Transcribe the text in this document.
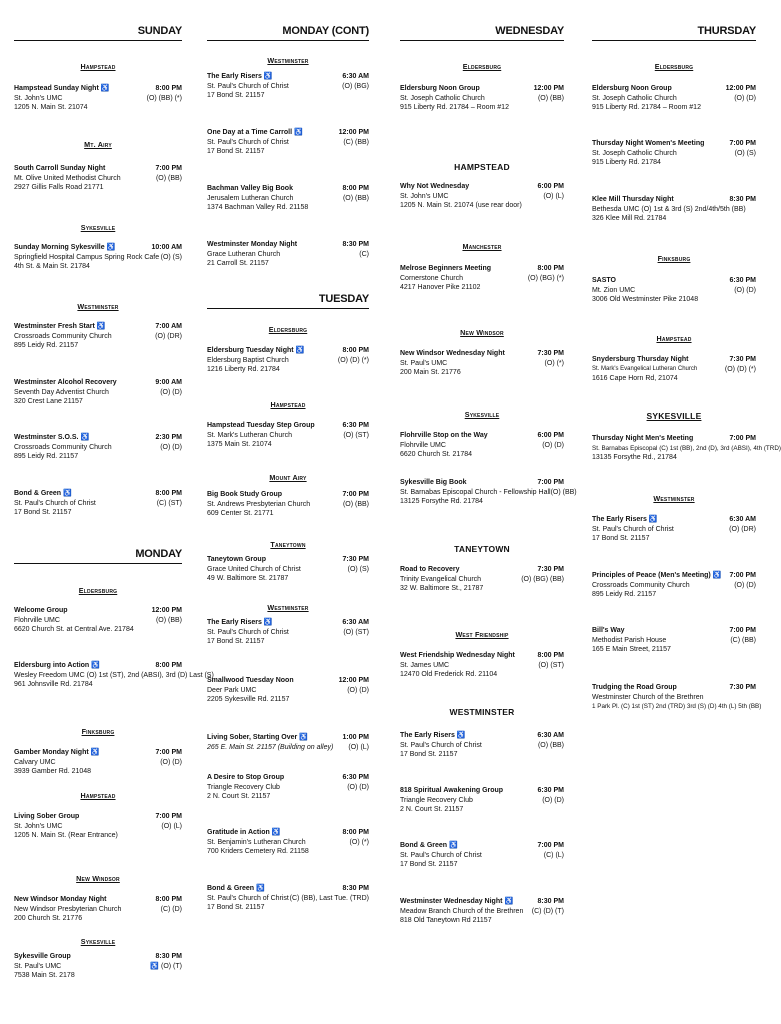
SUNDAY
Hampstead
Hampstead Sunday Night ♿	8:00 PM
St. John's UMC	(O) (BB) (*)
1205 N. Main St. 21074
Mt. Airy
South Carroll Sunday Night	7:00 PM
Mt. Olive United Methodist Church	(O) (BB)
2927 Gillis Falls Road 21771
Sykesville
Sunday Morning Sykesville ♿	10:00 AM
Springfield Hospital Campus Spring Rock Cafe (O) (S)
4th St. & Main St. 21784
Westminster
Westminster Fresh Start ♿	7:00 AM
Crossroads Community Church	(O) (DR)
895 Leidy Rd. 21157
Westminster Alcohol Recovery	9:00 AM
Seventh Day Adventist Church	(O) (D)
320 Crest Lane 21157
Westminster S.O.S. ♿	2:30 PM
Crossroads Community Church	(O) (D)
895 Leidy Rd. 21157
Bond & Green ♿	8:00 PM
St. Paul's Church of Christ	(C) (ST)
17 Bond St. 21157
MONDAY
Eldersburg
Welcome Group	12:00 PM
Flohrville UMC	(O) (BB)
6620 Church St. at Central Ave. 21784
Eldersburg into Action ♿	8:00 PM
Wesley Freedom UMC (O) 1st (ST), 2nd (ABSI), 3rd (D) Last (S)
961 Johnsville Rd. 21784
Finksburg
Gamber Monday Night ♿	7:00 PM
Calvary UMC	(O) (D)
3939 Gamber Rd. 21048
Hampstead
Living Sober Group	7:00 PM
St. John's UMC	(O) (L)
1205 N. Main St. (Rear Entrance)
New Windsor
New Windsor Monday Night	8:00 PM
New Windsor Presbyterian Church	(C) (D)
200 Church St. 21776
Sykesville
Sykesville Group	8:30 PM
St. Paul's UMC	♿ (O) (T)
7538 Main St. 2178
MONDAY (CONT)
Westminster
The Early Risers ♿	6:30 AM
St. Paul's Church of Christ	(O) (BG)
17 Bond St. 21157
One Day at a Time Carroll ♿	12:00 PM
St. Paul's Church of Christ	(C) (BB)
17 Bond St. 21157
Bachman Valley Big Book	8:00 PM
Jerusalem Lutheran Church	(O) (BB)
1374 Bachman Valley Rd. 21158
Westminster Monday Night	8:30 PM
Grace Lutheran Church	(C)
21 Carroll St. 21157
TUESDAY
Eldersburg
Eldersburg Tuesday Night ♿	8:00 PM
Eldersburg Baptist Church	(O) (D) (*)
1216 Liberty Rd. 21784
Hampstead
Hampstead Tuesday Step Group	6:30 PM
St. Mark's Lutheran Church	(O) (ST)
1375 Main St. 21074
Mount Airy
Big Book Study Group	7:00 PM
St. Andrews Presbyterian Church	(O) (BB)
609 Center St. 21771
Taneytown
Taneytown Group	7:30 PM
Grace United Church of Christ	(O) (S)
49 W. Baltimore St. 21787
Westminster
The Early Risers ♿	6:30 AM
St. Paul's Church of Christ	(O) (ST)
17 Bond St. 21157
Smallwood Tuesday Noon	12:00 PM
Deer Park UMC	(O) (D)
2205 Sykesville Rd. 21157
Living Sober, Starting Over ♿	1:00 PM
265 E. Main St. 21157 (Building on alley) (O) (L)
A Desire to Stop Group	6:30 PM
Triangle Recovery Club	(O) (D)
2 N. Court St. 21157
Gratitude in Action ♿	8:00 PM
St. Benjamin's Lutheran Church	(O) (*)
700 Kriders Cemetery Rd. 21158
Bond & Green ♿	8:30 PM
St. Paul's Church of Christ (C) (BB), Last Tue. (TRD)
17 Bond St. 21157
WEDNESDAY
Eldersburg
Eldersburg Noon Group	12:00 PM
St. Joseph Catholic Church	(O) (BB)
915 Liberty Rd. 21784 – Room #12
HAMPSTEAD
Why Not Wednesday	6:00 PM
St. John's UMC	(O) (L)
1205 N. Main St. 21074 (use rear door)
Manchester
Melrose Beginners Meeting	8:00 PM
Cornerstone Church	(O) (BG) (*)
4217 Hanover Pike 21102
New Windsor
New Windsor Wednesday Night	7:30 PM
St. Paul's UMC	(O) (*)
200 Main St. 21776
Sykesville
Flohrville Stop on the Way	6:00 PM
Flohrville UMC	(O) (D)
6620 Church St. 21784
Sykesville Big Book	7:00 PM
St. Barnabas Episcopal Church - Fellowship Hall (O) (BB)
13125 Forsythe Rd. 21784
TANEYTOWN
Road to Recovery	7:30 PM
Trinity Evangelical Church	(O) (BG) (BB)
32 W. Baltimore St., 21787
West Friendship
West Friendship Wednesday Night	8:00 PM
St. James UMC	(O) (ST)
12470 Old Frederick Rd. 21104
WESTMINSTER
The Early Risers ♿	6:30 AM
St. Paul's Church of Christ	(O) (BB)
17 Bond St. 21157
818 Spiritual Awakening Group	6:30 PM
Triangle Recovery Club	(O) (D)
2 N. Court St. 21157
Bond & Green ♿	7:00 PM
St. Paul's Church of Christ	(C) (L)
17 Bond St. 21157
Westminster Wednesday Night ♿	8:30 PM
Meadow Branch Church of the Brethren (C) (D) (T)
818 Old Taneytown Rd 21157
THURSDAY
Eldersburg
Eldersburg Noon Group	12:00 PM
St. Joseph Catholic Church	(O) (D)
915 Liberty Rd. 21784 – Room #12
Thursday Night Women's Meeting	7:00 PM
St. Joseph Catholic Church	(O) (S)
915 Liberty Rd. 21784
Klee Mill Thursday Night	8:30 PM
Bethesda UMC (O) 1st & 3rd (S) 2nd/4th/5th (BB)
326 Klee Mill Rd. 21784
Finksburg
SASTO	6:30 PM
Mt. Zion UMC	(O) (D)
3006 Old Westminster Pike 21048
Hampstead
Snydersburg Thursday Night	7:30 PM
St. Mark's Evangelical Lutheran Church	(O) (D) (*)
1616 Cape Horn Rd, 21074
SYKESVILLE
Thursday Night Men's Meeting	7:00 PM
St. Barnabas Episcopal (C) 1st (BB), 2nd (D), 3rd (ABSI), 4th (TRD)
13135 Forsythe Rd., 21784
Westminster
The Early Risers ♿	6:30 AM
St. Paul's Church of Christ	(O) (DR)
17 Bond St. 21157
Principles of Peace (Men's Meeting) ♿ 7:00 PM
Crossroads Community Church	(O) (D)
895 Leidy Rd. 21157
Bill's Way	7:00 PM
Methodist Parish House	(C) (BB)
165 E Main Street, 21157
Trudging the Road Group	7:30 PM
Westminster Church of the Brethren
1 Park Pl. (C) 1st (ST) 2nd (TRD) 3rd (S) (D) 4th (L) 5th (BB)
